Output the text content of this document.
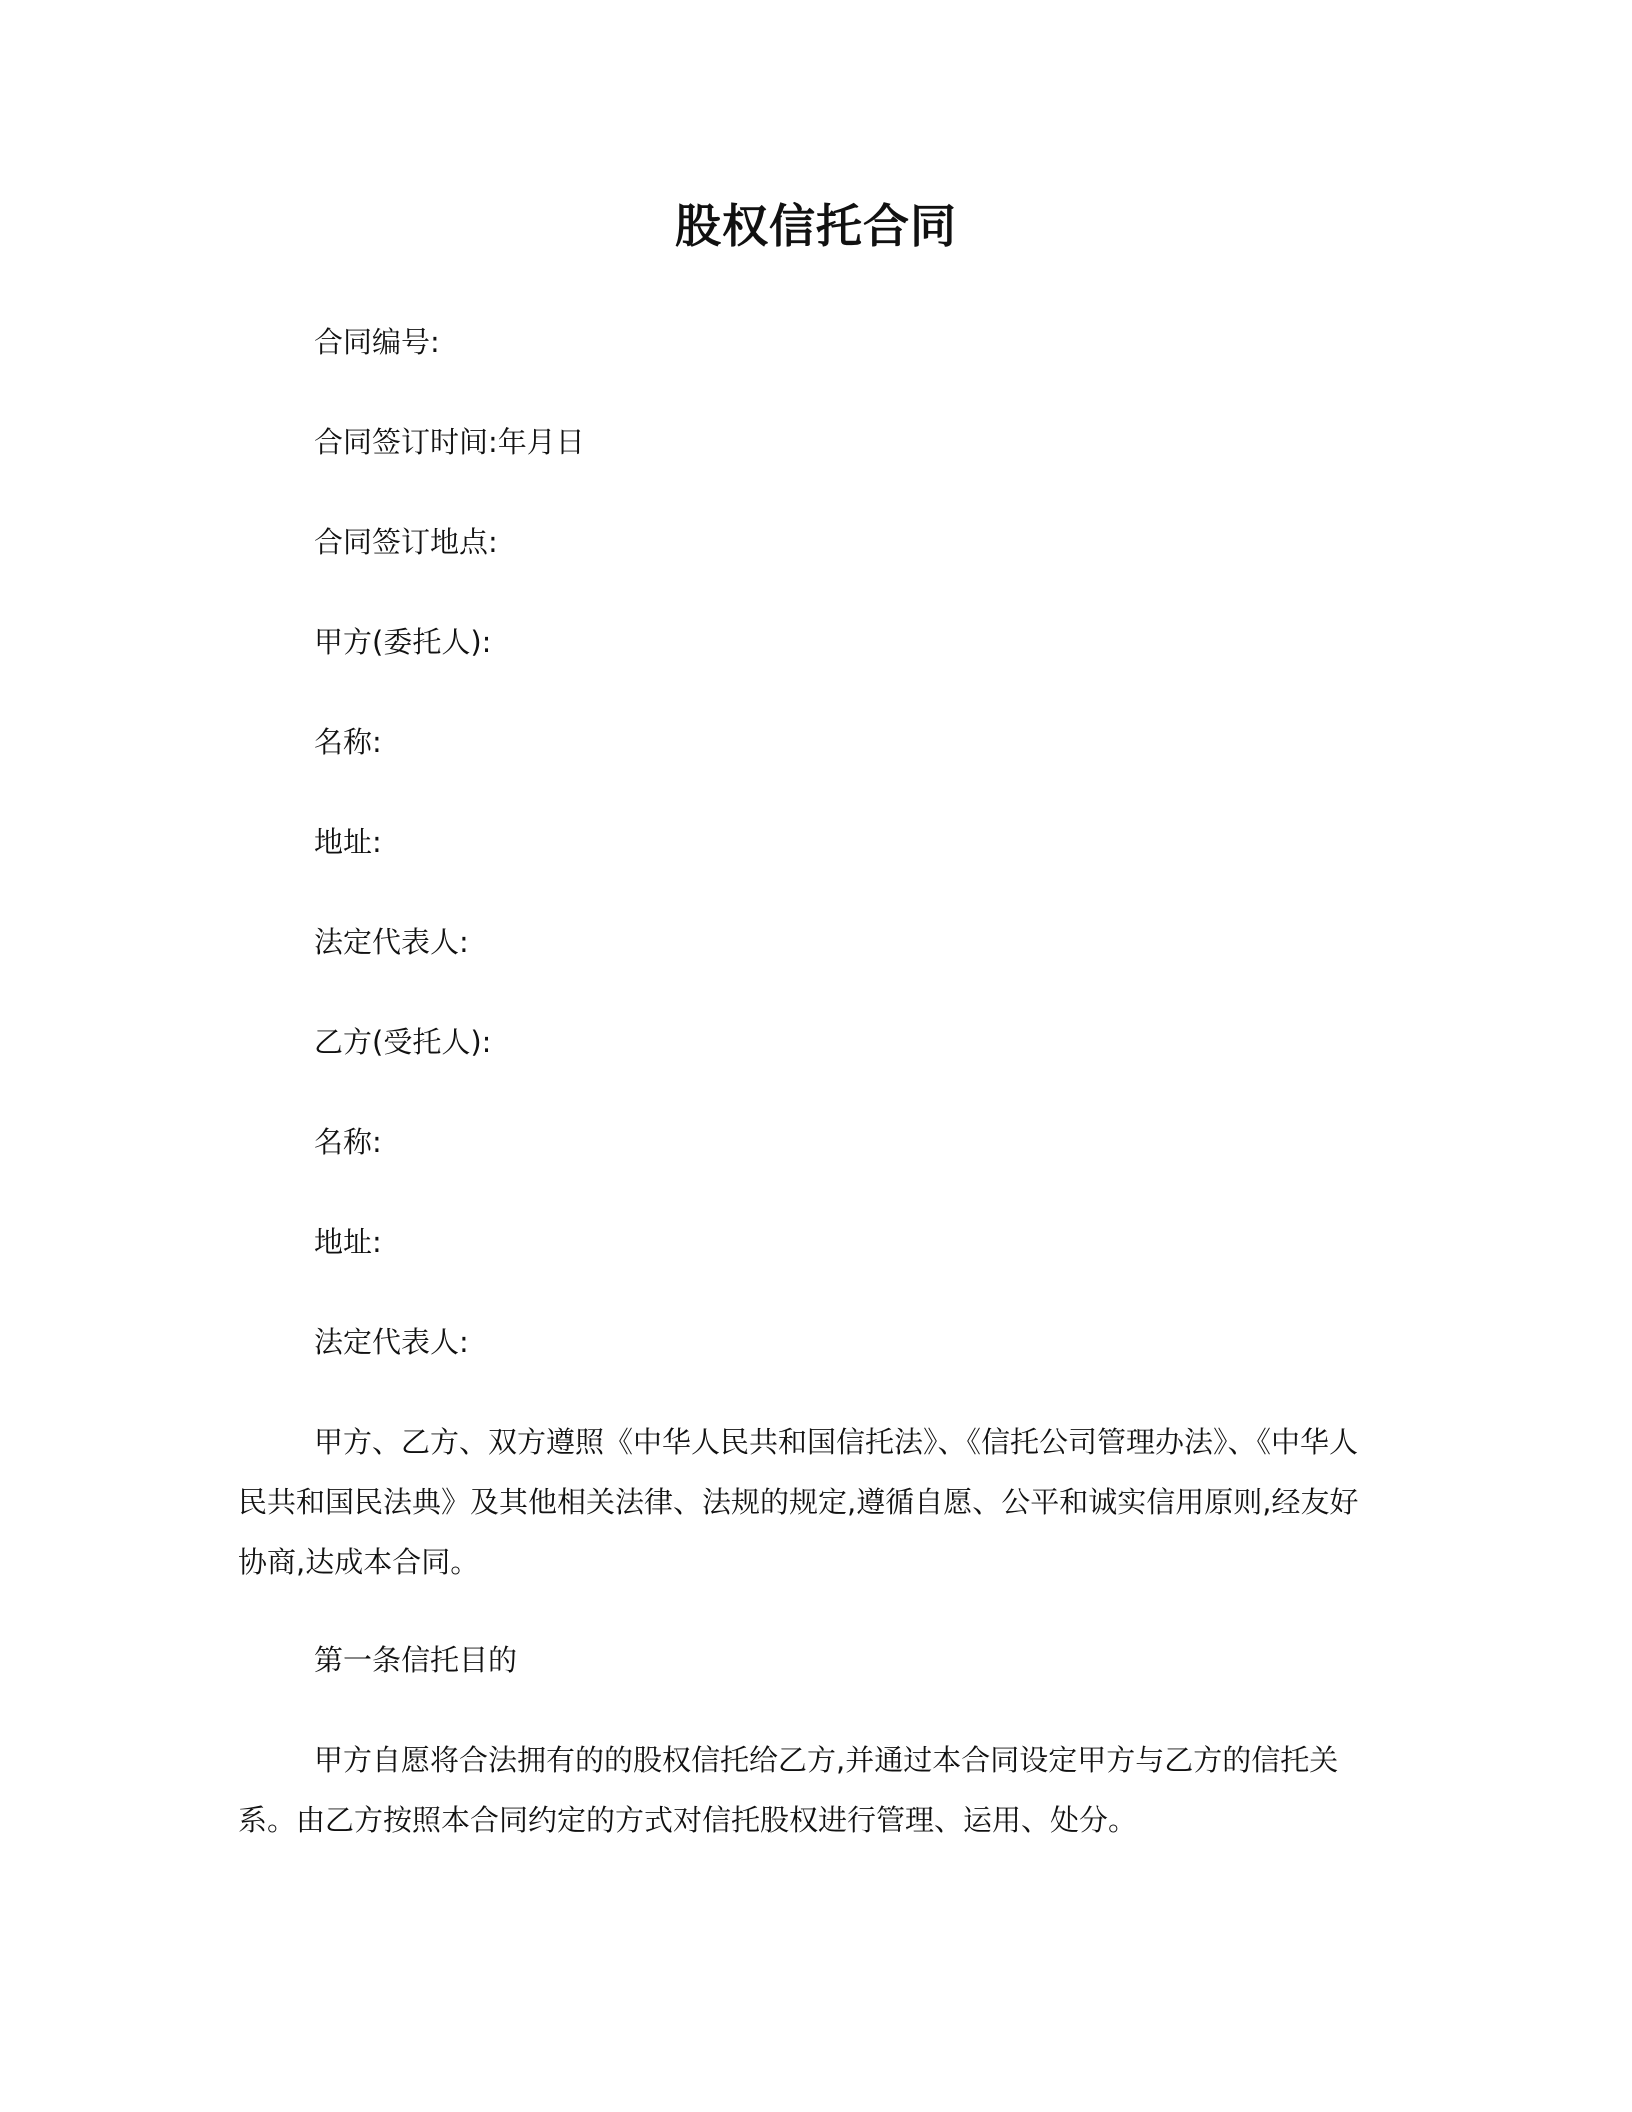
股权信托合同
合同编号:
合同签订时间:年月日
合同签订地点:
甲方(委托人):
名称:
地址:
法定代表人:
乙方(受托人):
名称:
地址:
法定代表人:
甲方、乙方、双方遵照《中华人民共和国信托法》、《信托公司管理办法》、《中华人民共和国民法典》及其他相关法律、法规的规定,遵循自愿、公平和诚实信用原则,经友好协商,达成本合同。
第一条信托目的
甲方自愿将合法拥有的的股权信托给乙方,并通过本合同设定甲方与乙方的信托关系。由乙方按照本合同约定的方式对信托股权进行管理、运用、处分。
